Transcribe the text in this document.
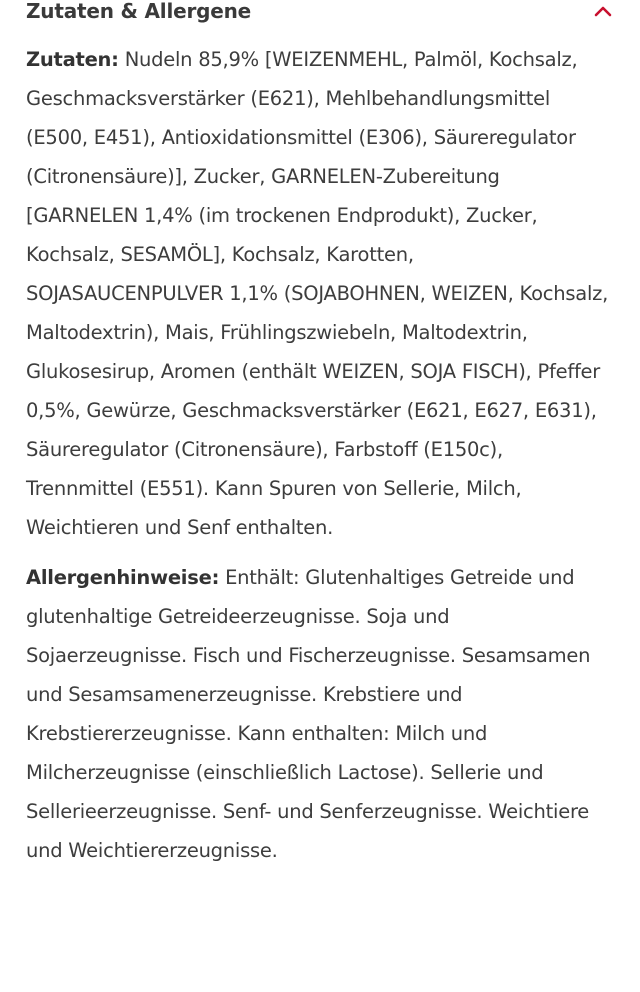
Zutaten & Allergene

Zutaten: Nudeln 85,9% [WEIZENMEHL, Palmöl, Kochsalz, Geschmacksverstärker (E621), Mehlbehandlungsmittel (E500, E451), Antioxidationsmittel (E306), Säureregulator (Citronensäure)], Zucker, GARNELEN-Zubereitung [GARNELEN 1,4% (im trockenen Endprodukt), Zucker, Kochsalz, SESAMÖL], Kochsalz, Karotten, SOJASAUCENPULVER 1,1% (SOJABOHNEN, WEIZEN, Kochsalz, Maltodextrin), Mais, Frühlingszwiebeln, Maltodextrin, Glukosesirup, Aromen (enthält WEIZEN, SOJA FISCH), Pfeffer 0,5%, Gewürze, Geschmacksverstärker (E621, E627, E631), Säureregulator (Citronensäure), Farbstoff (E150c), Trennmittel (E551). Kann Spuren von Sellerie, Milch, Weichtieren und Senf enthalten.

Allergenhinweise: Enthält: Glutenhaltiges Getreide und glutenhaltige Getreideerzeugnisse. Soja und Sojaerzeugnisse. Fisch und Fischerzeugnisse. Sesamsamen und Sesamsamenerzeugnisse. Krebstiere und Krebstiererzeugnisse. Kann enthalten: Milch und Milcherzeugnisse (einschließlich Lactose). Sellerie und Sellerieerzeugnisse. Senf- und Senferzeugnisse. Weichtiere und Weichtiererzeugnisse.
